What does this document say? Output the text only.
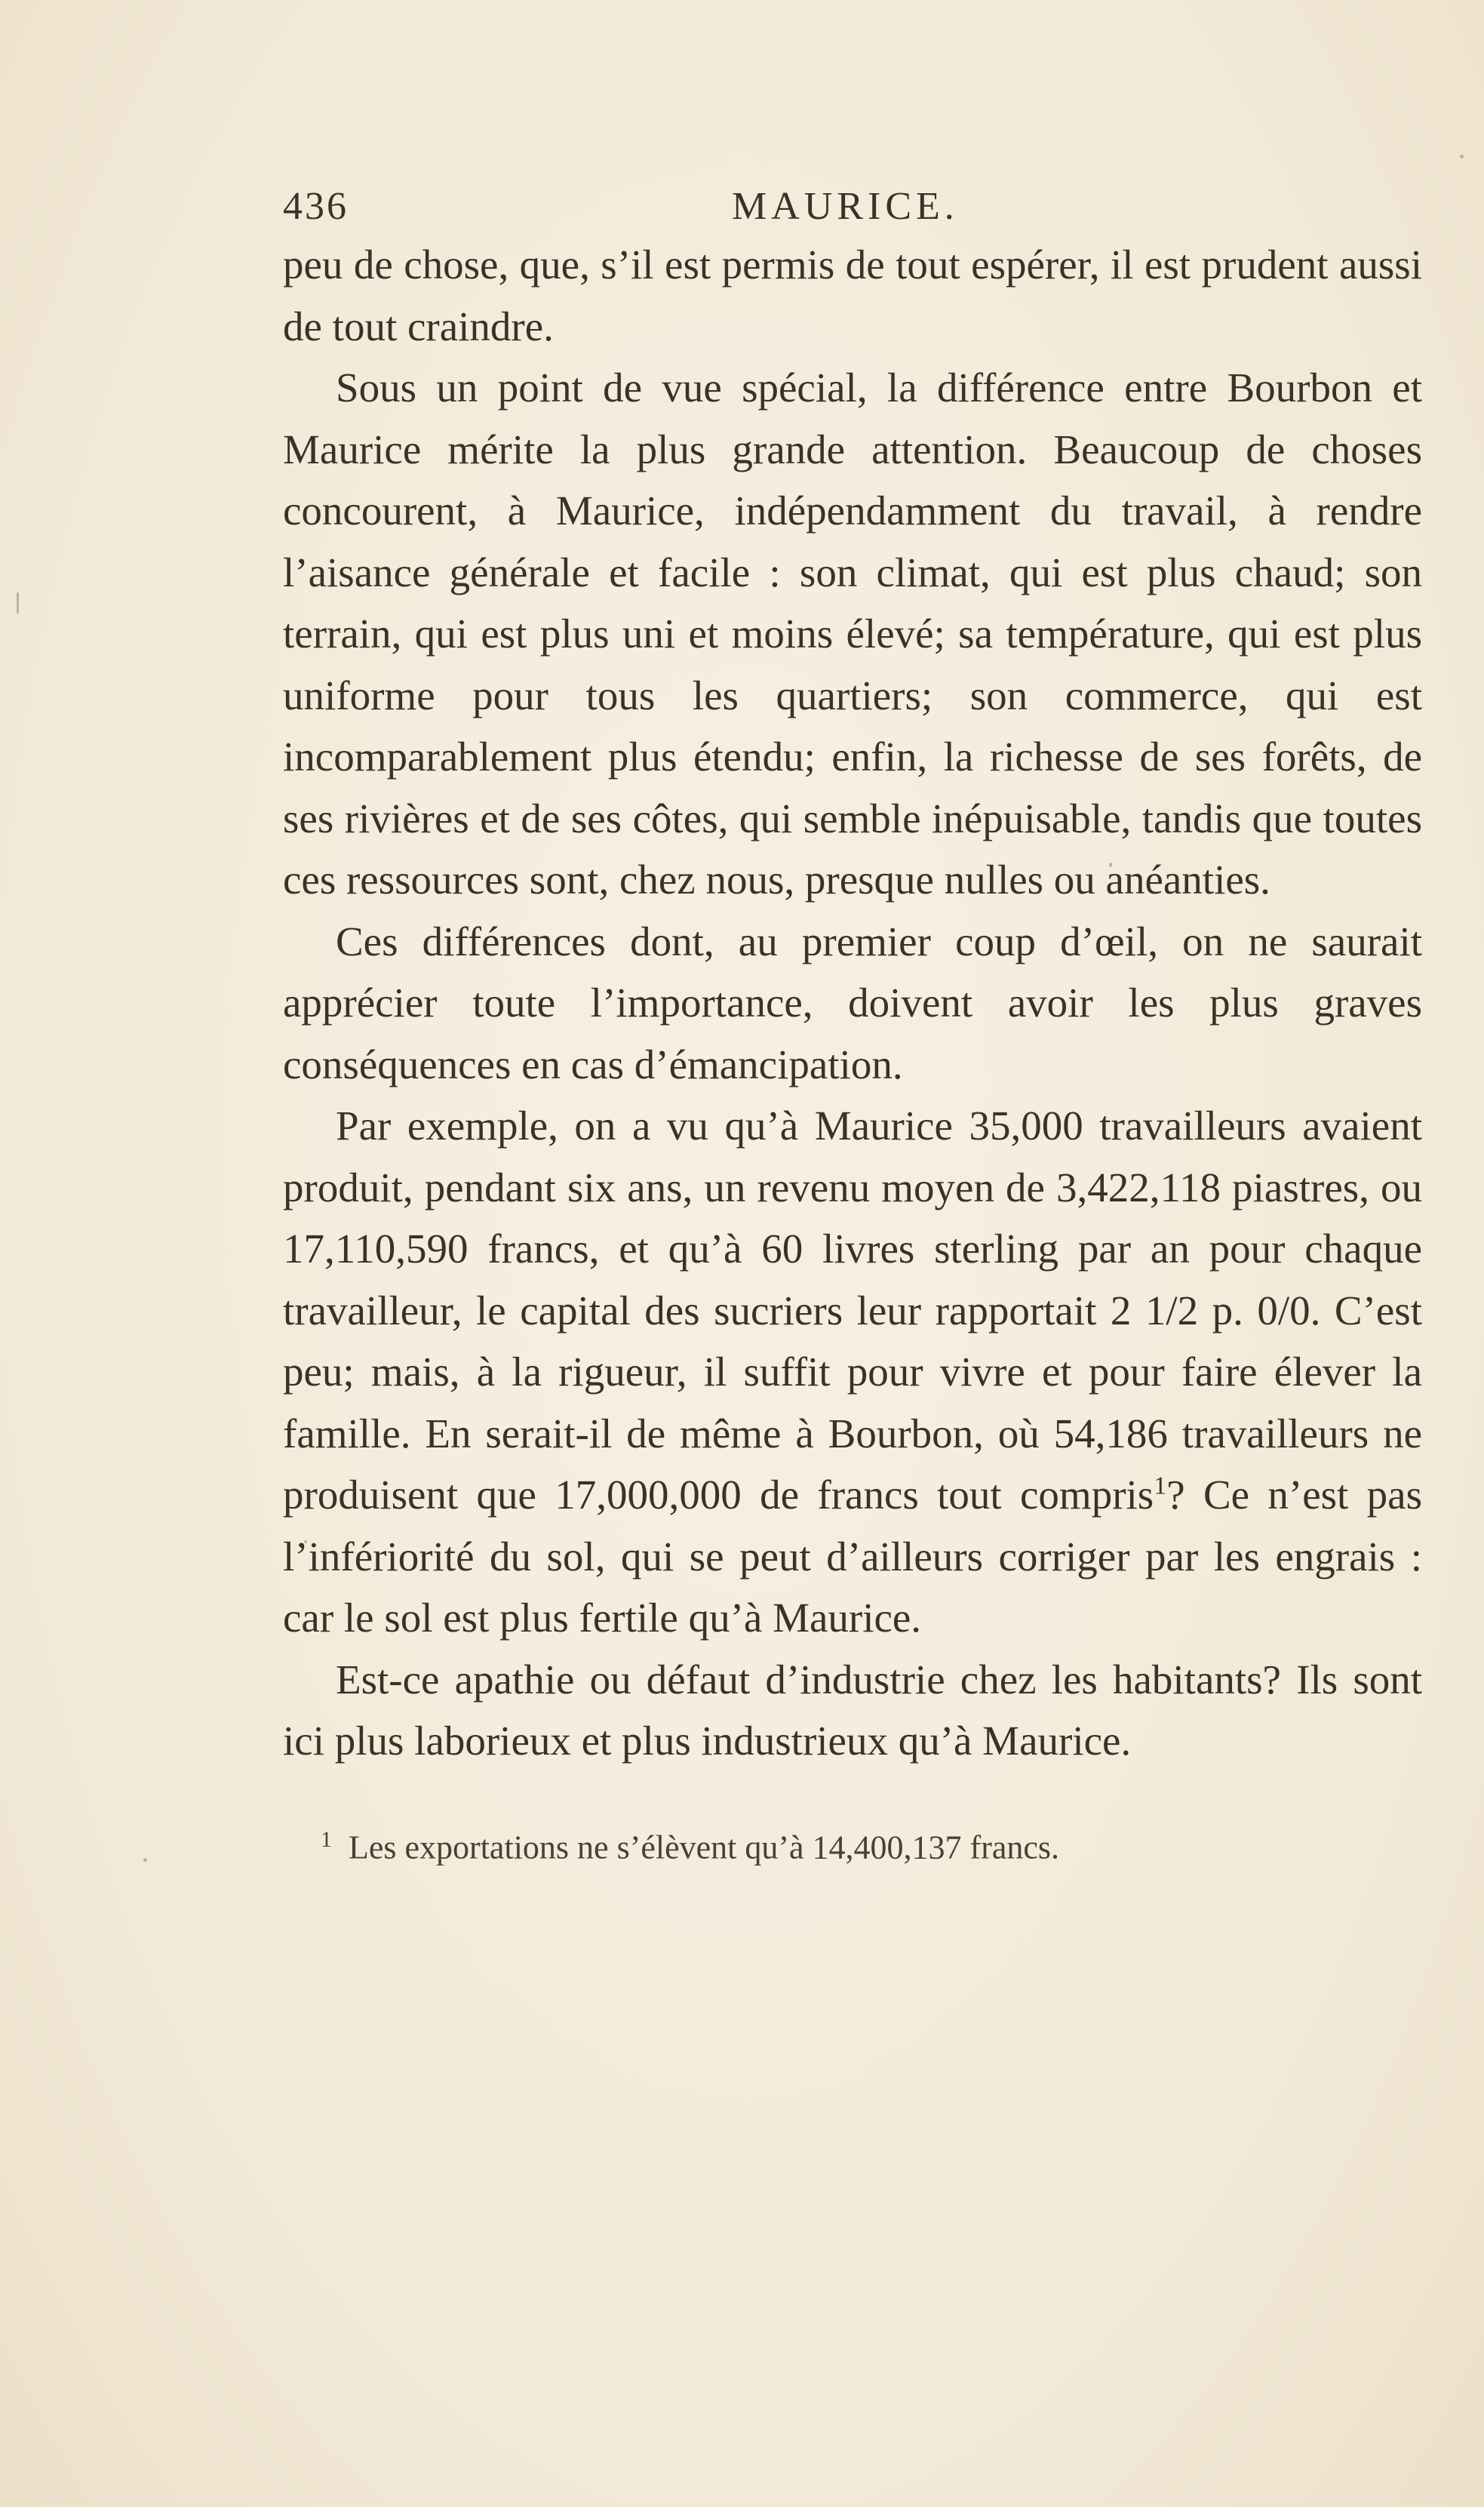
436	MAURICE.

peu de chose, que, s’il est permis de tout espérer, il est prudent aussi de tout craindre.

Sous un point de vue spécial, la différence entre Bourbon et Maurice mérite la plus grande attention. Beaucoup de choses concourent, à Maurice, indépendamment du travail, à rendre l’aisance générale et facile : son climat, qui est plus chaud; son terrain, qui est plus uni et moins élevé; sa température, qui est plus uniforme pour tous les quartiers; son commerce, qui est incomparablement plus étendu; enfin, la richesse de ses forêts, de ses rivières et de ses côtes, qui semble inépuisable, tandis que toutes ces ressources sont, chez nous, presque nulles ou anéanties.

Ces différences dont, au premier coup d’œil, on ne saurait apprécier toute l’importance, doivent avoir les plus graves conséquences en cas d’émancipation.

Par exemple, on a vu qu’à Maurice 35,000 travailleurs avaient produit, pendant six ans, un revenu moyen de 3,422,118 piastres, ou 17,110,590 francs, et qu’à 60 livres sterling par an pour chaque travailleur, le capital des sucriers leur rapportait 2 1/2 p. 0/0. C’est peu; mais, à la rigueur, il suffit pour vivre et pour faire élever la famille. En serait-il de même à Bourbon, où 54,186 travailleurs ne produisent que 17,000,000 de francs tout compris$^1$? Ce n’est pas l’infériorité du sol, qui se peut d’ailleurs corriger par les engrais : car le sol est plus fertile qu’à Maurice.

Est-ce apathie ou défaut d’industrie chez les habitants? Ils sont ici plus laborieux et plus industrieux qu’à Maurice.

$^1$ Les exportations ne s’élèvent qu’à 14,400,137 francs.
